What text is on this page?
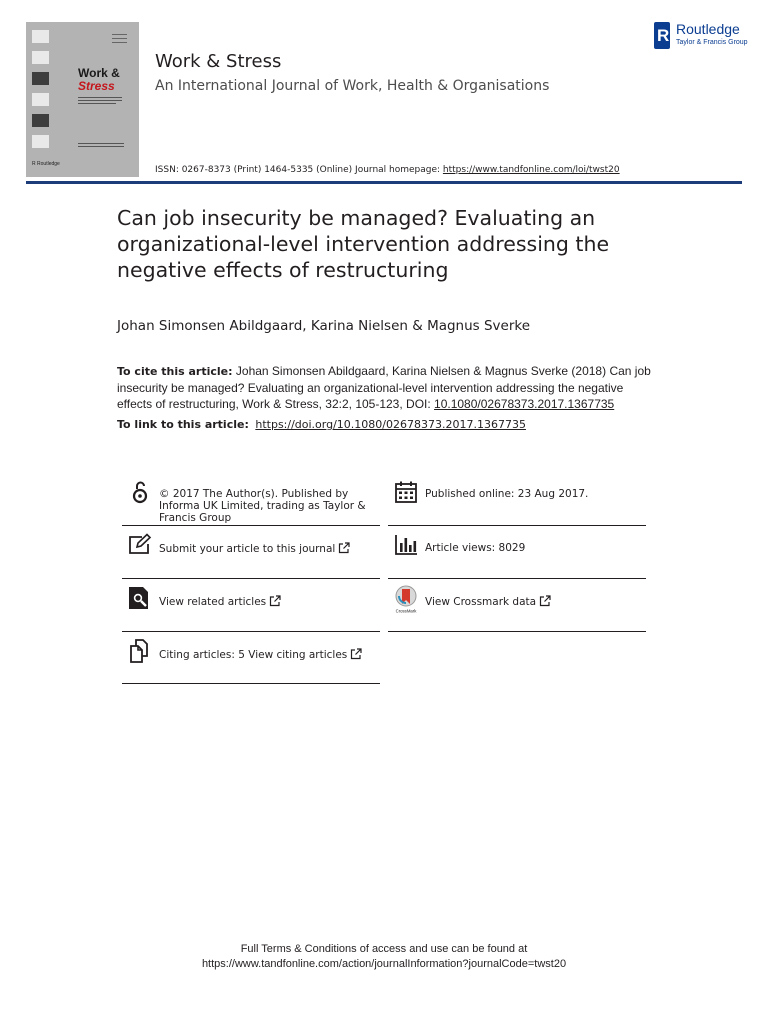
Work &
Stress
R Routledge
Work & Stress
An International Journal of Work, Health & Organisations
R Routledge
Taylor & Francis Group
ISSN: 0267-8373 (Print) 1464-5335 (Online) Journal homepage: https://www.tandfonline.com/loi/twst20
Can job insecurity be managed? Evaluating an organizational-level intervention addressing the negative effects of restructuring
Johan Simonsen Abildgaard, Karina Nielsen & Magnus Sverke
To cite this article: Johan Simonsen Abildgaard, Karina Nielsen & Magnus Sverke (2018) Can job insecurity be managed? Evaluating an organizational-level intervention addressing the negative effects of restructuring, Work & Stress, 32:2, 105-123, DOI: 10.1080/02678373.2017.1367735
To link to this article: https://doi.org/10.1080/02678373.2017.1367735
© 2017 The Author(s). Published by Informa UK Limited, trading as Taylor & Francis Group
Published online: 23 Aug 2017.
Submit your article to this journal	Article views: 8029
View related articles
CrossMark
View Crossmark data
Citing articles: 5 View citing articles
Full Terms & Conditions of access and use can be found at
https://www.tandfonline.com/action/journalInformation?journalCode=twst20
